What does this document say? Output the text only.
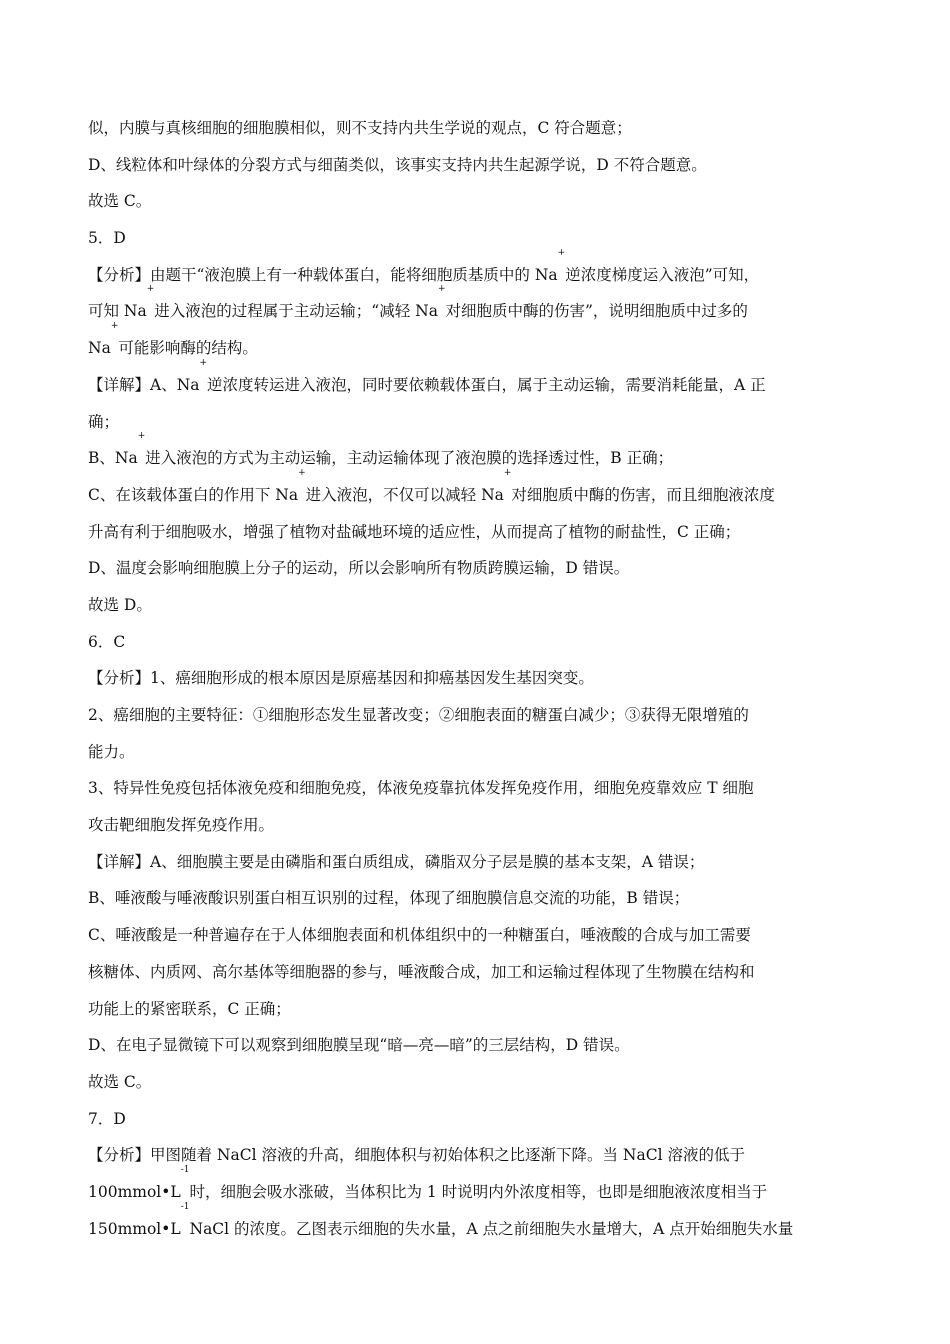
似，内膜与真核细胞的细胞膜相似，则不支持内共生学说的观点，C 符合题意；
D、线粒体和叶绿体的分裂方式与细菌类似，该事实支持内共生起源学说，D 不符合题意。
故选 C。
5．D
【分析】由题干“液泡膜上有一种载体蛋白，能将细胞质基质中的 Na+逆浓度梯度运入液泡”可知，
可知 Na+进入液泡的过程属于主动运输；“减轻 Na+对细胞质中酶的伤害”，说明细胞质中过多的
Na+可能影响酶的结构。
【详解】A、Na+逆浓度转运进入液泡，同时要依赖载体蛋白，属于主动运输，需要消耗能量，A 正
确；
B、Na+进入液泡的方式为主动运输，主动运输体现了液泡膜的选择透过性，B 正确；
C、在该载体蛋白的作用下 Na+进入液泡，不仅可以减轻 Na+对细胞质中酶的伤害，而且细胞液浓度
升高有利于细胞吸水，增强了植物对盐碱地环境的适应性，从而提高了植物的耐盐性，C 正确；
D、温度会影响细胞膜上分子的运动，所以会影响所有物质跨膜运输，D 错误。
故选 D。
6．C
【分析】1、癌细胞形成的根本原因是原癌基因和抑癌基因发生基因突变。
2、癌细胞的主要特征：①细胞形态发生显著改变；②细胞表面的糖蛋白减少；③获得无限增殖的
能力。
3、特异性免疫包括体液免疫和细胞免疫，体液免疫靠抗体发挥免疫作用，细胞免疫靠效应 T 细胞
攻击靶细胞发挥免疫作用。
【详解】A、细胞膜主要是由磷脂和蛋白质组成，磷脂双分子层是膜的基本支架，A 错误；
B、唾液酸与唾液酸识别蛋白相互识别的过程，体现了细胞膜信息交流的功能，B 错误；
C、唾液酸是一种普遍存在于人体细胞表面和机体组织中的一种糖蛋白，唾液酸的合成与加工需要
核糖体、内质网、高尔基体等细胞器的参与，唾液酸合成，加工和运输过程体现了生物膜在结构和
功能上的紧密联系，C 正确；
D、在电子显微镜下可以观察到细胞膜呈现“暗—亮—暗”的三层结构，D 错误。
故选 C。
7．D
【分析】甲图随着 NaCl 溶液的升高，细胞体积与初始体积之比逐渐下降。当 NaCl 溶液的低于
$100mmol•L^{-1}$时，细胞会吸水涨破，当体积比为 1 时说明内外浓度相等，也即是细胞液浓度相当于
$150mmol•L^{-1}NaCl$ 的浓度。乙图表示细胞的失水量，A 点之前细胞失水量增大，A 点开始细胞失水量
